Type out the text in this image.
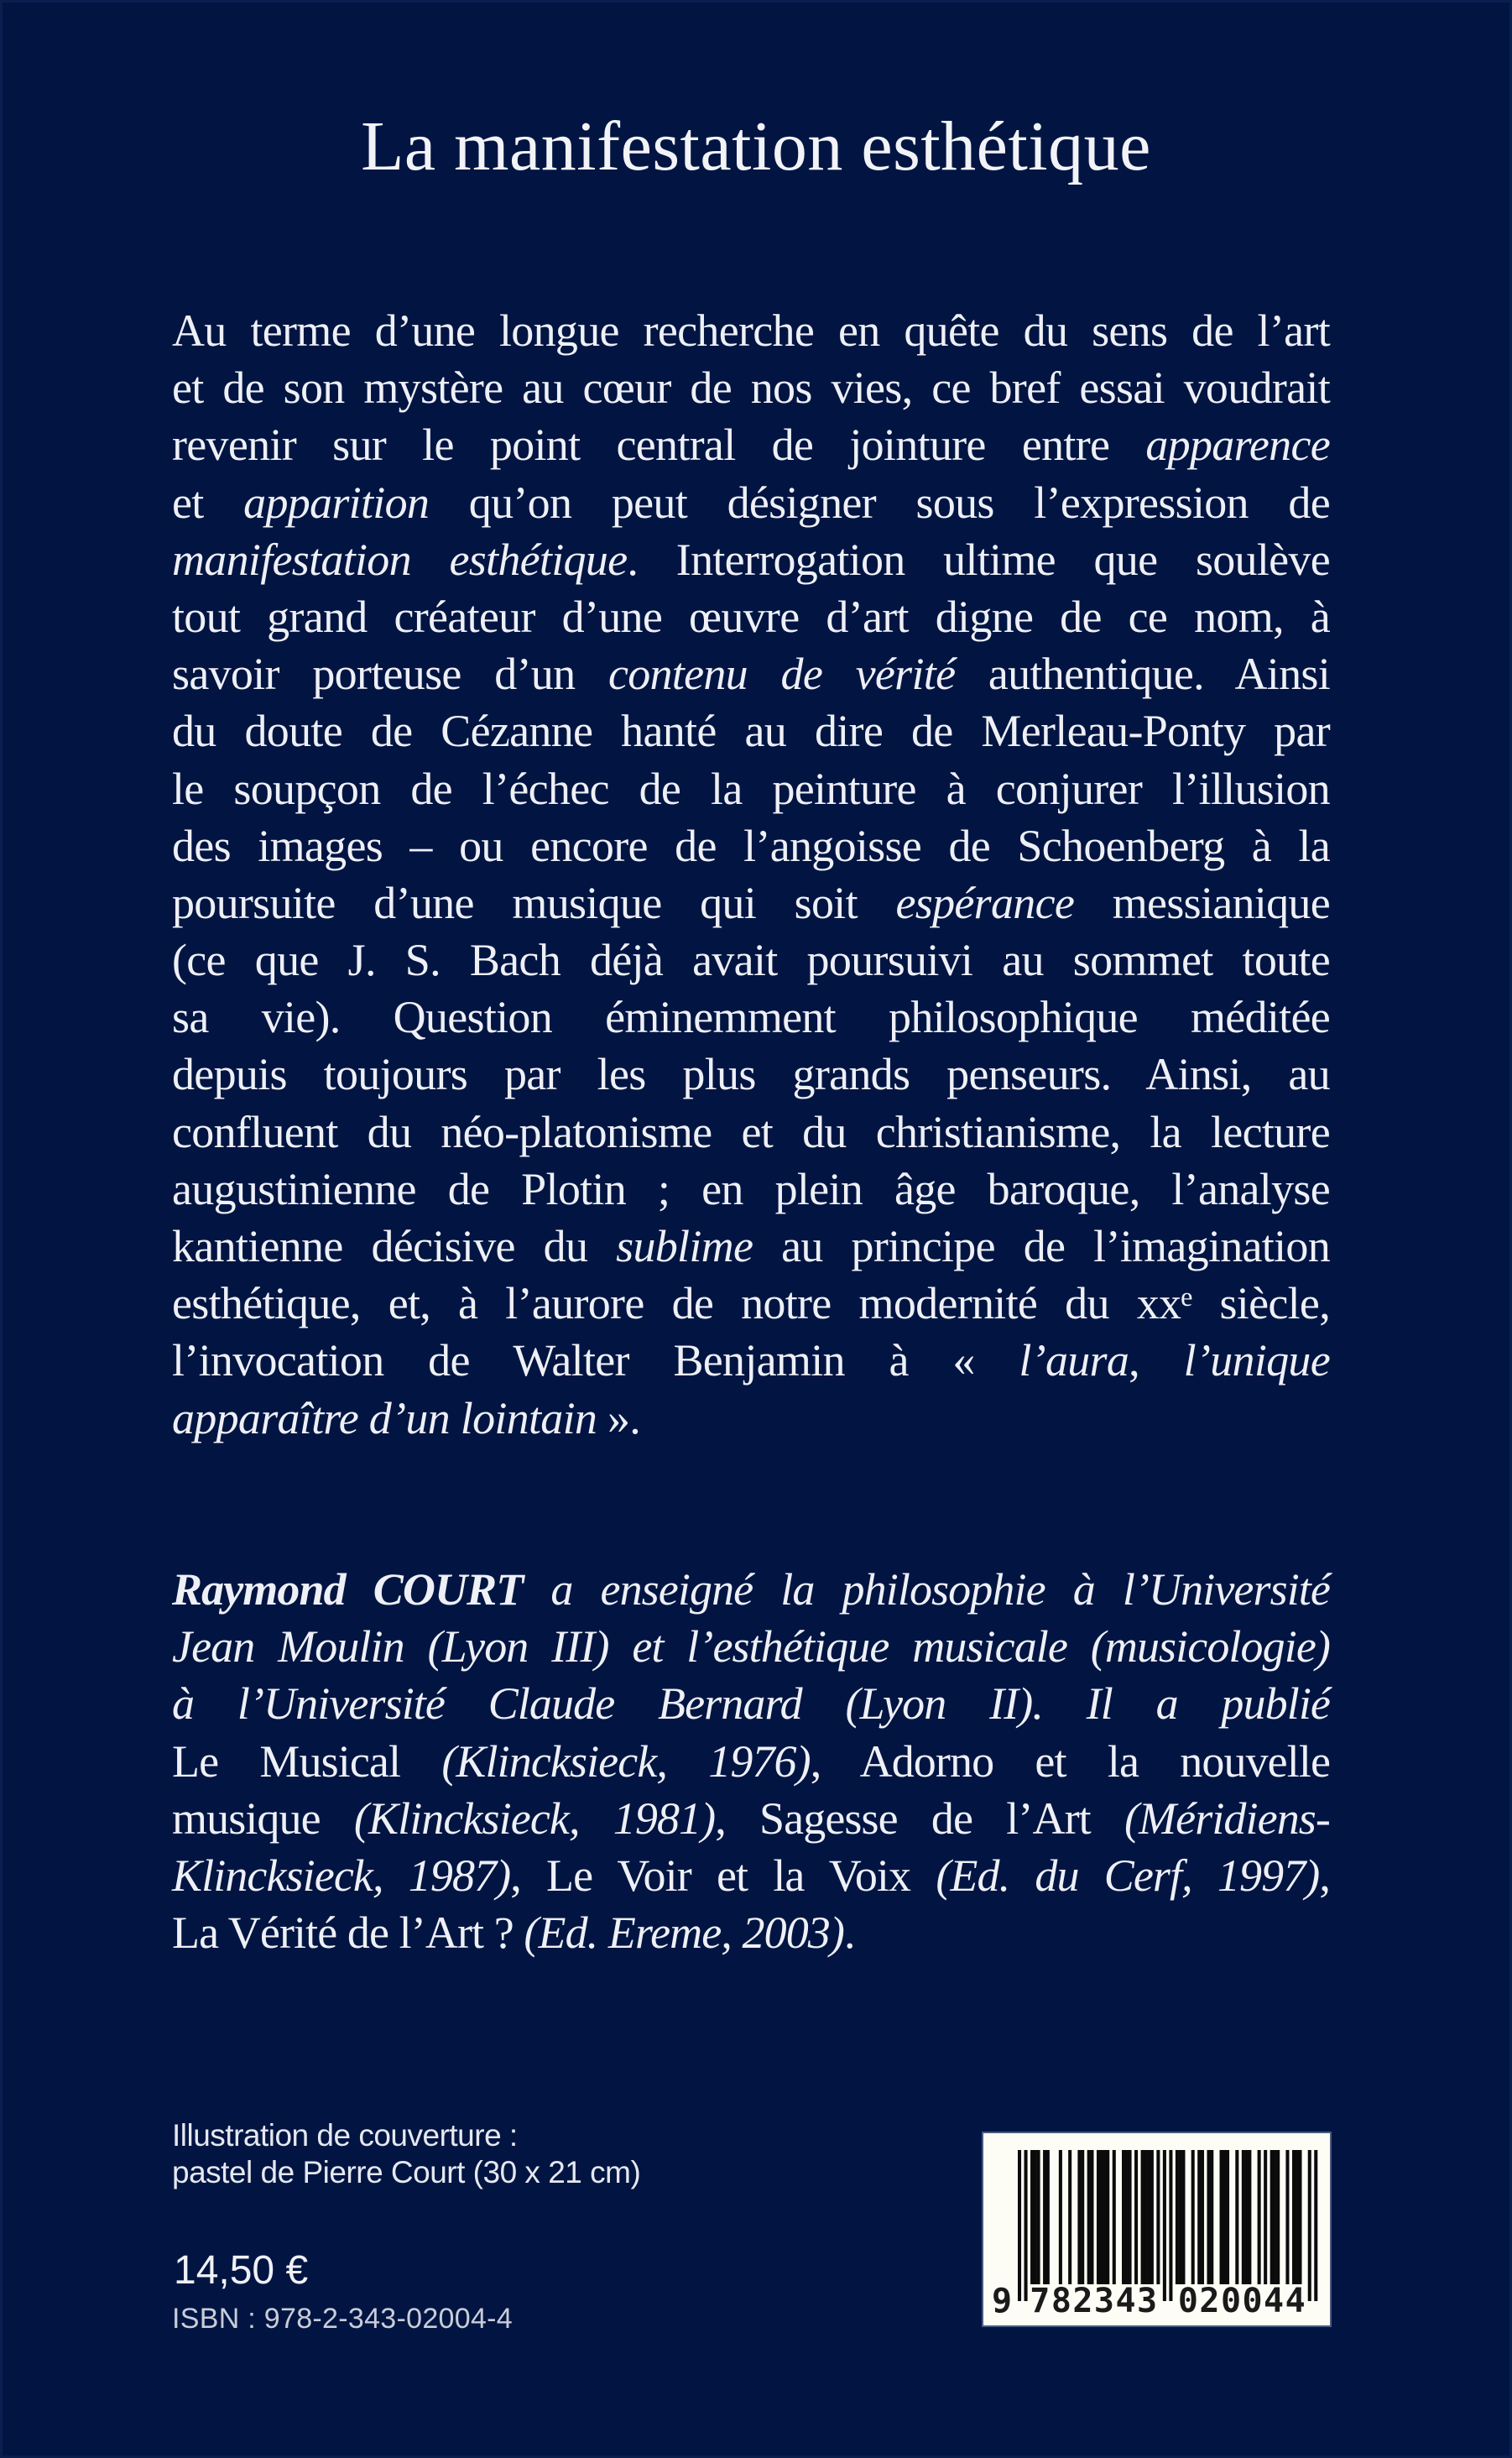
La manifestation esthétique
Au terme d’une longue recherche en quête du sens de l’art
et de son mystère au cœur de nos vies, ce bref essai voudrait
revenir sur le point central de jointure entre apparence
et apparition qu’on peut désigner sous l’expression de
manifestation esthétique. Interrogation ultime que soulève
tout grand créateur d’une œuvre d’art digne de ce nom, à
savoir porteuse d’un contenu de vérité authentique. Ainsi
du doute de Cézanne hanté au dire de Merleau-Ponty par
le soupçon de l’échec de la peinture à conjurer l’illusion
des images – ou encore de l’angoisse de Schoenberg à la
poursuite d’une musique qui soit espérance messianique
(ce que J. S. Bach déjà avait poursuivi au sommet toute
sa vie). Question éminemment philosophique méditée
depuis toujours par les plus grands penseurs. Ainsi, au
confluent du néo-platonisme et du christianisme, la lecture
augustinienne de Plotin ; en plein âge baroque, l’analyse
kantienne décisive du sublime au principe de l’imagination
esthétique, et, à l’aurore de notre modernité du xxᵉ siècle,
l’invocation de Walter Benjamin à « l’aura, l’unique
apparaître d’un lointain ».
Raymond COURT a enseigné la philosophie à l’Université
Jean Moulin (Lyon III) et l’esthétique musicale (musicologie)
à l’Université Claude Bernard (Lyon II). Il a publié
Le Musical (Klincksieck, 1976), Adorno et la nouvelle
musique (Klincksieck, 1981), Sagesse de l’Art (Méridiens-
Klincksieck, 1987), Le Voir et la Voix (Ed. du Cerf, 1997),
La Vérité de l’Art ? (Ed. Ereme, 2003).
Illustration de couverture :
pastel de Pierre Court (30 x 21 cm)
14,50 €
ISBN : 978-2-343-02004-4	9 782343 020044
